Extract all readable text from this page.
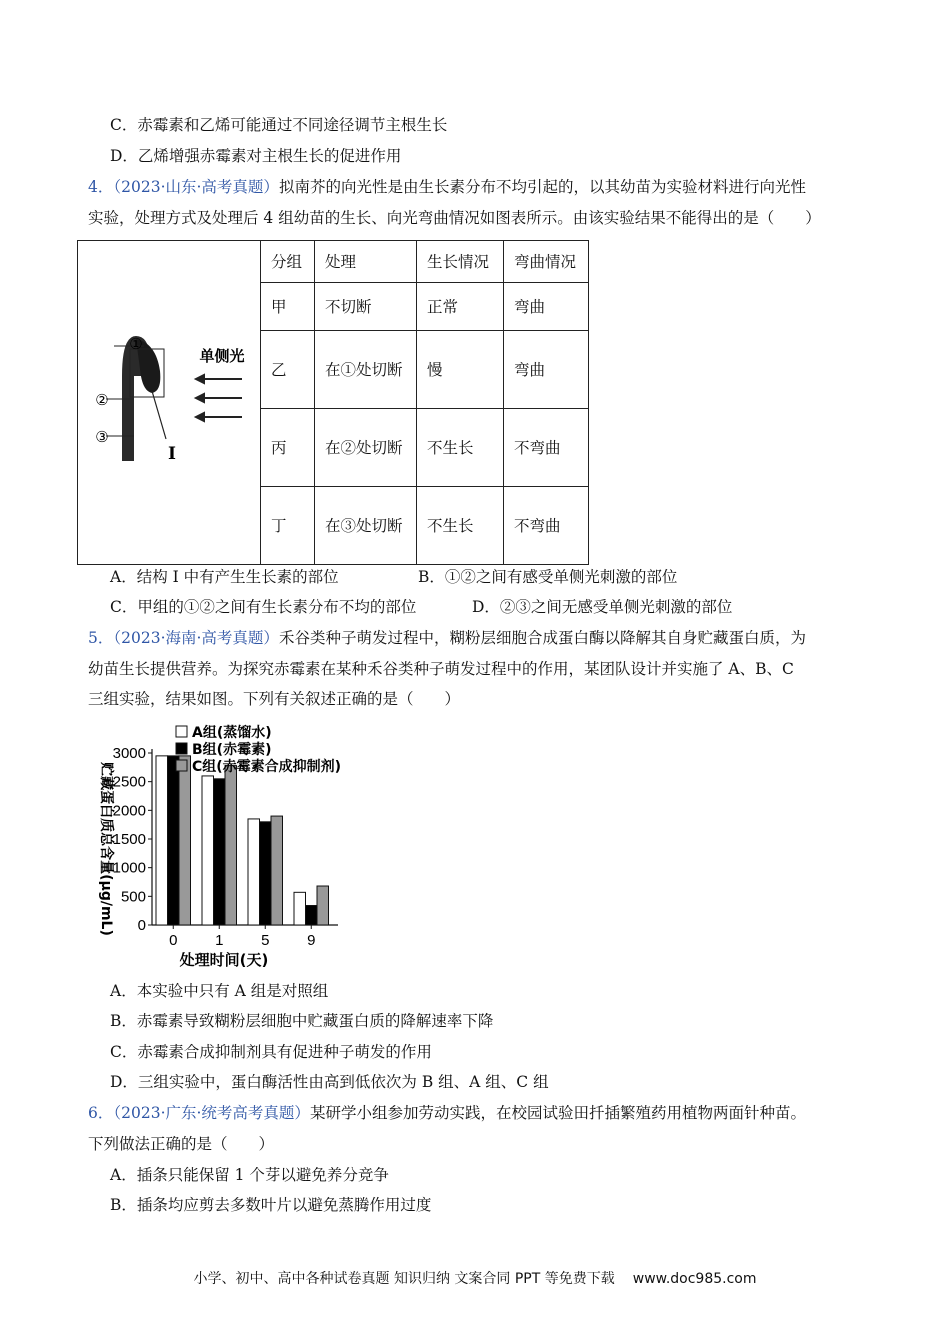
C．赤霉素和乙烯可能通过不同途径调节主根生长
D．乙烯增强赤霉素对主根生长的促进作用
4．（2023·山东·高考真题）拟南芥的向光性是由生长素分布不均引起的，以其幼苗为实验材料进行向光性
实验，处理方式及处理后 4 组幼苗的生长、向光弯曲情况如图表所示。由该实验结果不能得出的是（　　）
①
②
③
I
单侧光
分组	处理	生长情况	弯曲情况
甲	不切断	正常	弯曲
乙	在①处切断	慢	弯曲
丙	在②处切断	不生长	不弯曲
丁	在③处切断	不生长	不弯曲
A．结构 I 中有产生生长素的部位	B．①②之间有感受单侧光刺激的部位
C．甲组的①②之间有生长素分布不均的部位	D．②③之间无感受单侧光刺激的部位
5．（2023·海南·高考真题）禾谷类种子萌发过程中，糊粉层细胞合成蛋白酶以降解其自身贮藏蛋白质，为
幼苗生长提供营养。为探究赤霉素在某种禾谷类种子萌发过程中的作用，某团队设计并实施了 A、B、C
三组实验，结果如图。下列有关叙述正确的是（　　）
0
500
1000
1500
2000
2500
3000
0	1	5	9
处理时间(天)
贮藏蛋白质总含量(μg/mL)
A组(蒸馏水)
B组(赤霉素)
C组(赤霉素合成抑制剂)
A．本实验中只有 A 组是对照组
B．赤霉素导致糊粉层细胞中贮藏蛋白质的降解速率下降
C．赤霉素合成抑制剂具有促进种子萌发的作用
D．三组实验中，蛋白酶活性由高到低依次为 B 组、A 组、C 组
6．（2023·广东·统考高考真题）某研学小组参加劳动实践，在校园试验田扦插繁殖药用植物两面针种苗。
下列做法正确的是（　　）
A．插条只能保留 1 个芽以避免养分竞争
B．插条均应剪去多数叶片以避免蒸腾作用过度
小学、初中、高中各种试卷真题 知识归纳 文案合同 PPT 等免费下载 www.doc985.com
